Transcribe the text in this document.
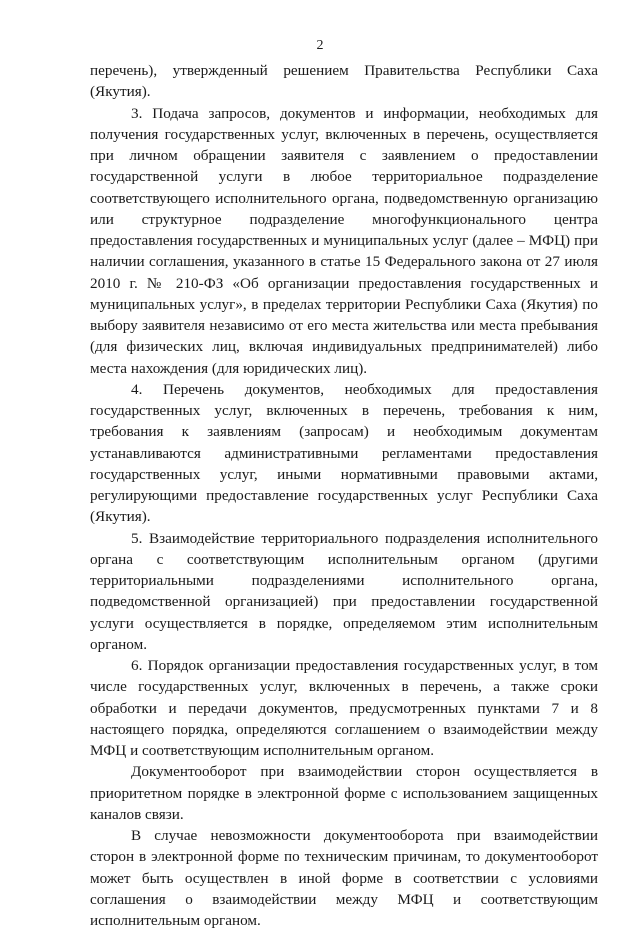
2

перечень), утвержденный решением Правительства Республики Саха (Якутия).

3. Подача запросов, документов и информации, необходимых для получения государственных услуг, включенных в перечень, осуществляется при личном обращении заявителя с заявлением о предоставлении государственной услуги в любое территориальное подразделение соответствующего исполнительного органа, подведомственную организацию или структурное подразделение многофункционального центра предоставления государственных и муниципальных услуг (далее – МФЦ) при наличии соглашения, указанного в статье 15 Федерального закона от 27 июля 2010 г. № 210-ФЗ «Об организации предоставления государственных и муниципальных услуг», в пределах территории Республики Саха (Якутия) по выбору заявителя независимо от его места жительства или места пребывания (для физических лиц, включая индивидуальных предпринимателей) либо места нахождения (для юридических лиц).

4. Перечень документов, необходимых для предоставления государственных услуг, включенных в перечень, требования к ним, требования к заявлениям (запросам) и необходимым документам устанавливаются административными регламентами предоставления государственных услуг, иными нормативными правовыми актами, регулирующими предоставление государственных услуг Республики Саха (Якутия).

5. Взаимодействие территориального подразделения исполнительного органа с соответствующим исполнительным органом (другими территориальными подразделениями исполнительного органа, подведомственной организацией) при предоставлении государственной услуги осуществляется в порядке, определяемом этим исполнительным органом.

6. Порядок организации предоставления государственных услуг, в том числе государственных услуг, включенных в перечень, а также сроки обработки и передачи документов, предусмотренных пунктами 7 и 8 настоящего порядка, определяются соглашением о взаимодействии между МФЦ и соответствующим исполнительным органом.

Документооборот при взаимодействии сторон осуществляется в приоритетном порядке в электронной форме с использованием защищенных каналов связи.

В случае невозможности документооборота при взаимодействии сторон в электронной форме по техническим причинам, то документооборот может быть осуществлен в иной форме в соответствии с условиями соглашения о взаимодействии между МФЦ и соответствующим исполнительным органом.
